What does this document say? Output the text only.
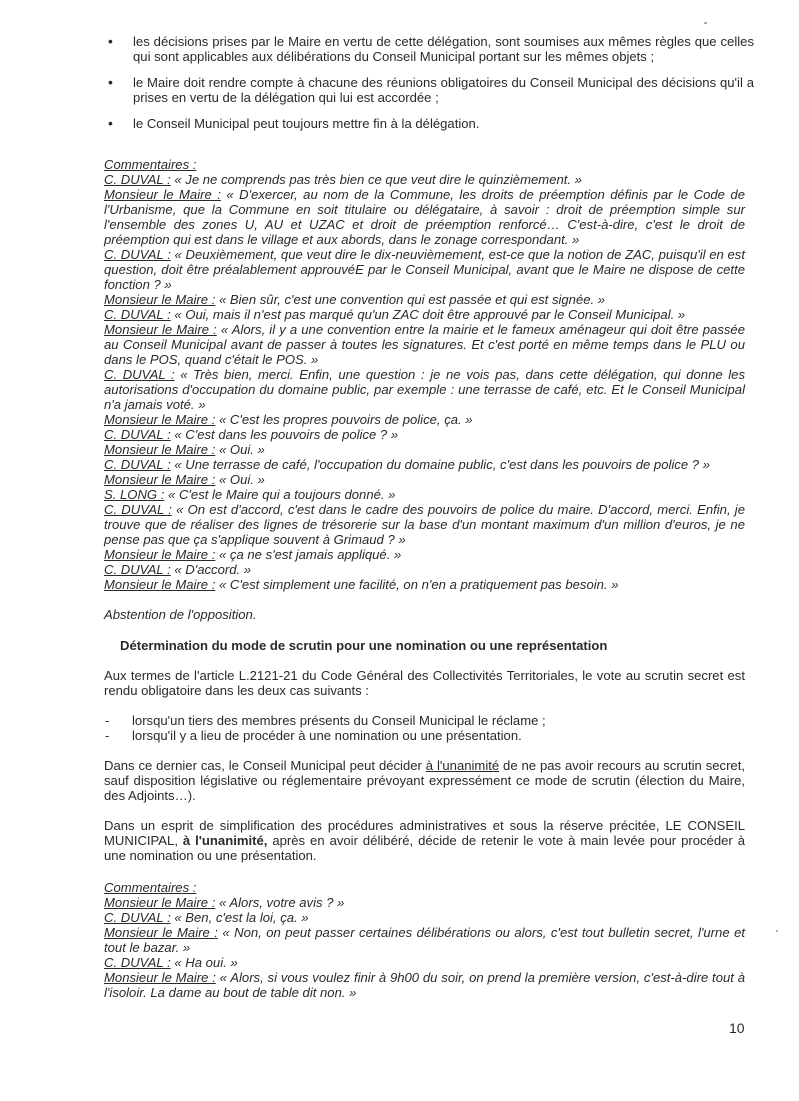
• les décisions prises par le Maire en vertu de cette délégation, sont soumises aux mêmes règles que celles qui sont applicables aux délibérations du Conseil Municipal portant sur les mêmes objets ;
• le Maire doit rendre compte à chacune des réunions obligatoires du Conseil Municipal des décisions qu'il a prises en vertu de la délégation qui lui est accordée ;
• le Conseil Municipal peut toujours mettre fin à la délégation.

Commentaires :

C. DUVAL : « Je ne comprends pas très bien ce que veut dire le quinzièmement. »

Monsieur le Maire : « D'exercer, au nom de la Commune, les droits de préemption définis par le Code de l'Urbanisme, que la Commune en soit titulaire ou délégataire, à savoir : droit de préemption simple sur l'ensemble des zones U, AU et UZAC et droit de préemption renforcé… C'est-à-dire, c'est le droit de préemption qui est dans le village et aux abords, dans le zonage correspondant. »

C. DUVAL : « Deuxièmement, que veut dire le dix-neuvièmement, est-ce que la notion de ZAC, puisqu'il en est question, doit être préalablement approuvéE par le Conseil Municipal, avant que le Maire ne dispose de cette fonction ? »

Monsieur le Maire : « Bien sûr, c'est une convention qui est passée et qui est signée. »

C. DUVAL : « Oui, mais il n'est pas marqué qu'un ZAC doit être approuvé par le Conseil Municipal. »

Monsieur le Maire : « Alors, il y a une convention entre la mairie et le fameux aménageur qui doit être passée au Conseil Municipal avant de passer à toutes les signatures. Et c'est porté en même temps dans le PLU ou dans le POS, quand c'était le POS. »

C. DUVAL : « Très bien, merci. Enfin, une question : je ne vois pas, dans cette délégation, qui donne les autorisations d'occupation du domaine public, par exemple : une terrasse de café, etc. Et le Conseil Municipal n'a jamais voté. »

Monsieur le Maire : « C'est les propres pouvoirs de police, ça. »

C. DUVAL : « C'est dans les pouvoirs de police ? »

Monsieur le Maire : « Oui. »

C. DUVAL : « Une terrasse de café, l'occupation du domaine public, c'est dans les pouvoirs de police ? »

Monsieur le Maire : « Oui. »

S. LONG : « C'est le Maire qui a toujours donné. »

C. DUVAL : « On est d'accord, c'est dans le cadre des pouvoirs de police du maire. D'accord, merci. Enfin, je trouve que de réaliser des lignes de trésorerie sur la base d'un montant maximum d'un million d'euros, je ne pense pas que ça s'applique souvent à Grimaud ? »

Monsieur le Maire : « ça ne s'est jamais appliqué. »

C. DUVAL : « D'accord. »

Monsieur le Maire : « C'est simplement une facilité, on n'en a pratiquement pas besoin. »

Abstention de l'opposition.
Détermination du mode de scrutin pour une nomination ou une représentation
Aux termes de l'article L.2121-21 du Code Général des Collectivités Territoriales, le vote au scrutin secret est rendu obligatoire dans les deux cas suivants :
- lorsqu'un tiers des membres présents du Conseil Municipal le réclame ;
- lorsqu'il y a lieu de procéder à une nomination ou une présentation.
Dans ce dernier cas, le Conseil Municipal peut décider à l'unanimité de ne pas avoir recours au scrutin secret, sauf disposition législative ou réglementaire prévoyant expressément ce mode de scrutin (élection du Maire, des Adjoints…).
Dans un esprit de simplification des procédures administratives et sous la réserve précitée, LE CONSEIL MUNICIPAL, à l'unanimité, après en avoir délibéré, décide de retenir le vote à main levée pour procéder à une nomination ou une présentation.

Commentaires :

Monsieur le Maire : « Alors, votre avis ? »

C. DUVAL : « Ben, c'est la loi, ça. »

Monsieur le Maire : « Non, on peut passer certaines délibérations ou alors, c'est tout bulletin secret, l'urne et tout le bazar. »

C. DUVAL : « Ha oui. »

Monsieur le Maire : « Alors, si vous voulez finir à 9h00 du soir, on prend la première version, c'est-à-dire tout à l'isoloir. La dame au bout de table dit non. »

10
